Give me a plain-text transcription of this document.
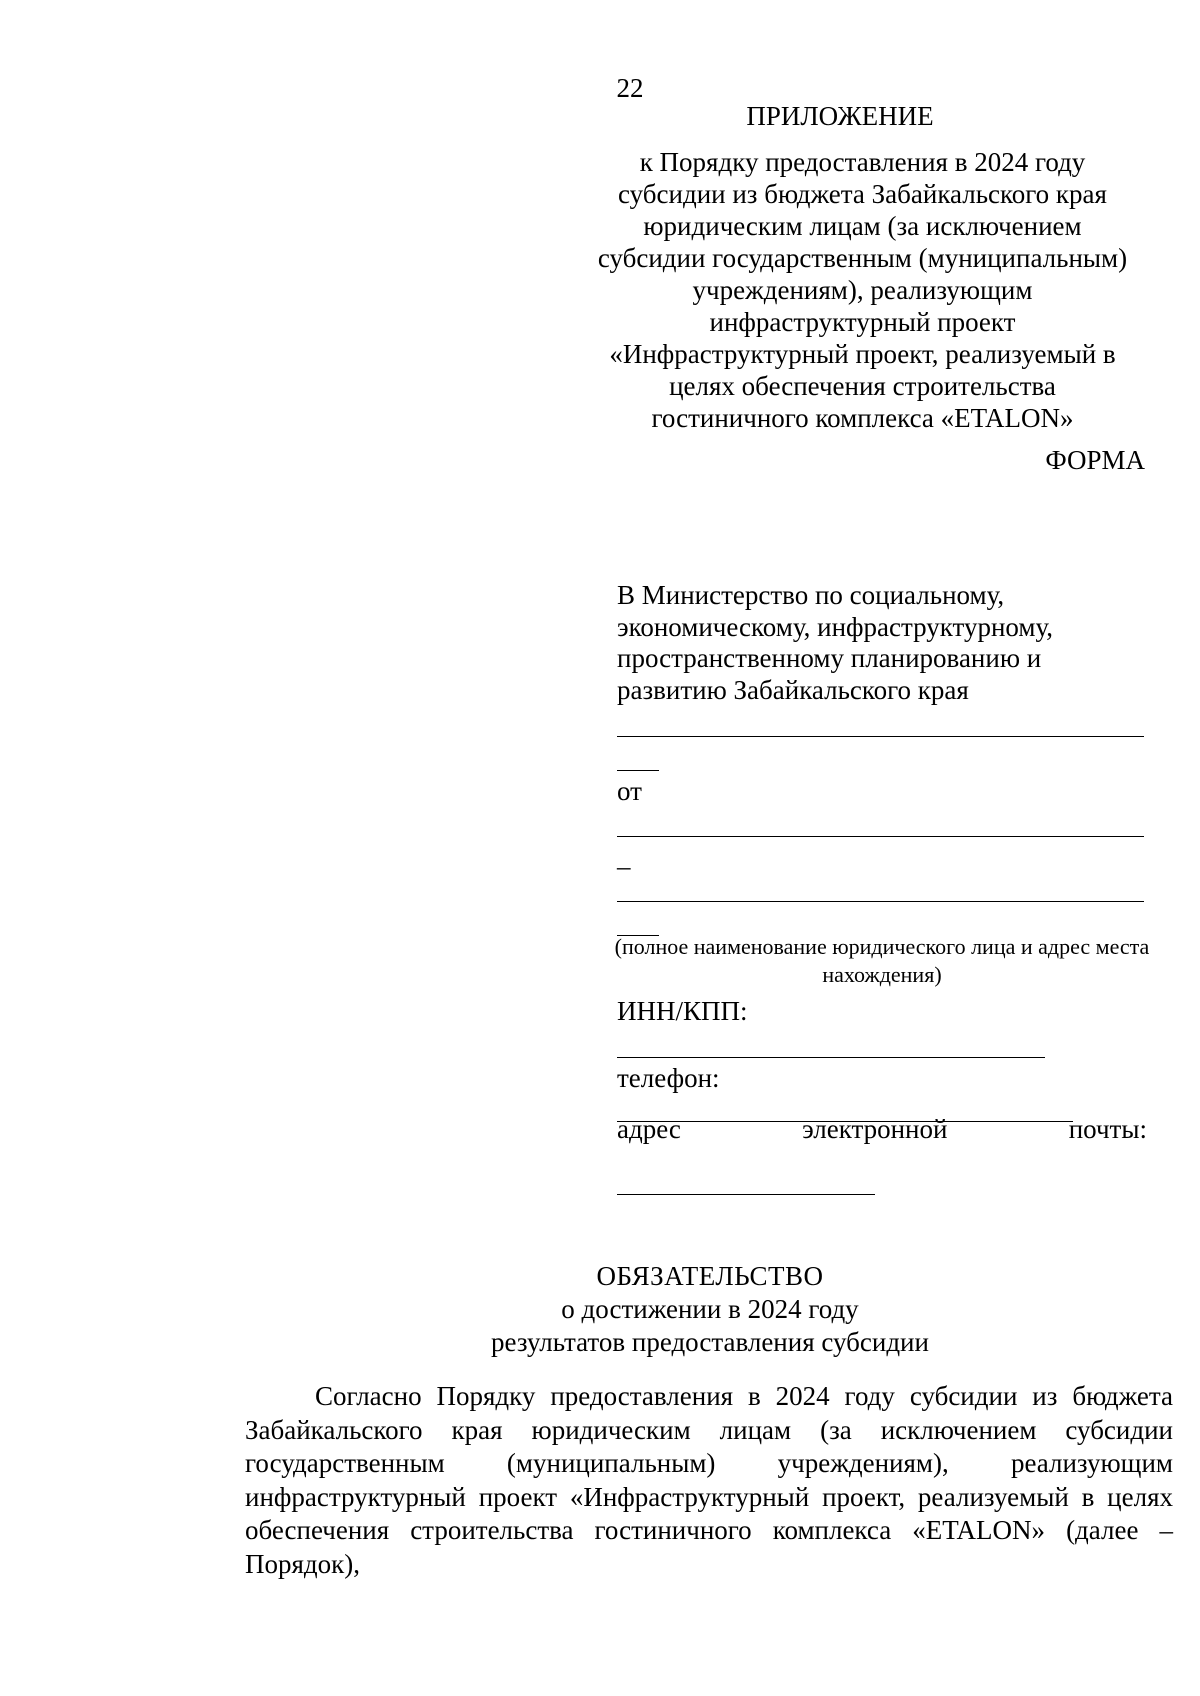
22
ПРИЛОЖЕНИЕ
к Порядку предоставления в 2024 году
субсидии из бюджета Забайкальского края
юридическим лицам (за исключением
субсидии государственным (муниципальным)
учреждениям), реализующим
инфраструктурный проект
«Инфраструктурный проект, реализуемый в
целях обеспечения строительства
гостиничного комплекса «ETALON»
ФОРМА
В Министерство по социальному,
экономическому, инфраструктурному,
пространственному планированию и
развитию Забайкальского края
от
–
(полное наименование юридического лица и адрес места нахождения)
ИНН/КПП:
телефон:
адрес	электронной	почты:
ОБЯЗАТЕЛЬСТВО
о достижении в 2024 году
результатов предоставления субсидии
Согласно Порядку предоставления в 2024 году субсидии из бюджета Забайкальского края юридическим лицам (за исключением субсидии государственным (муниципальным) учреждениям), реализующим инфраструктурный проект «Инфраструктурный проект, реализуемый в целях обеспечения строительства гостиничного комплекса «ETALON» (далее – Порядок),
